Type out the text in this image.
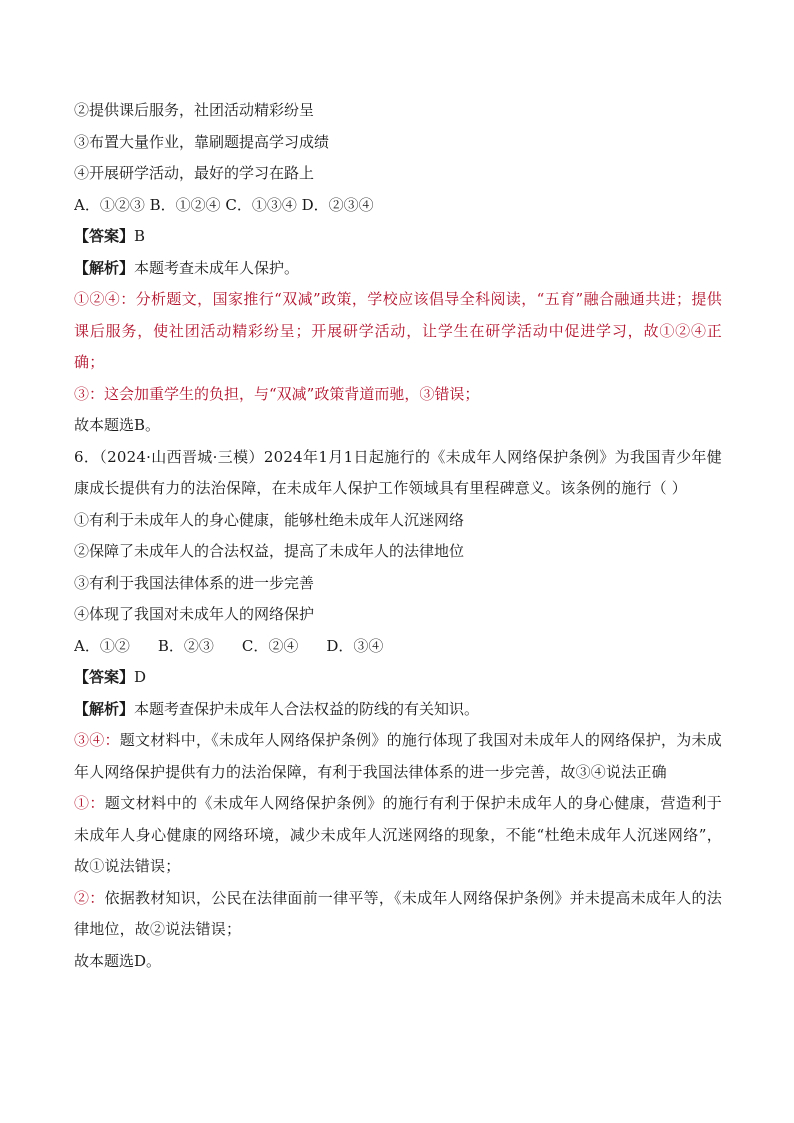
②提供课后服务，社团活动精彩纷呈
③布置大量作业，靠刷题提高学习成绩
④开展研学活动，最好的学习在路上
A．①②③ B．①②④ C．①③④ D．②③④
【答案】B
【解析】本题考查未成年人保护。
①②④：分析题文，国家推行“双减”政策，学校应该倡导全科阅读，“五育”融合融通共进；提供课后服务，使社团活动精彩纷呈；开展研学活动，让学生在研学活动中促进学习，故①②④正确；
③：这会加重学生的负担，与“双减”政策背道而驰，③错误；
故本题选B。
6．（2024·山西晋城·三模）2024年1月1日起施行的《未成年人网络保护条例》为我国青少年健康成长提供有力的法治保障，在未成年人保护工作领域具有里程碑意义。该条例的施行（ ）
①有利于未成年人的身心健康，能够杜绝未成年人沉迷网络
②保障了未成年人的合法权益，提高了未成年人的法律地位
③有利于我国法律体系的进一步完善
④体现了我国对未成年人的网络保护
A．①② B．②③ C．②④ D．③④
【答案】D
【解析】本题考查保护未成年人合法权益的防线的有关知识。
③④：题文材料中，《未成年人网络保护条例》的施行体现了我国对未成年人的网络保护，为未成年人网络保护提供有力的法治保障，有利于我国法律体系的进一步完善，故③④说法正确
①：题文材料中的《未成年人网络保护条例》的施行有利于保护未成年人的身心健康，营造利于未成年人身心健康的网络环境，减少未成年人沉迷网络的现象，不能“杜绝未成年人沉迷网络”，故①说法错误；
②：依据教材知识，公民在法律面前一律平等，《未成年人网络保护条例》并未提高未成年人的法律地位，故②说法错误；
故本题选D。
